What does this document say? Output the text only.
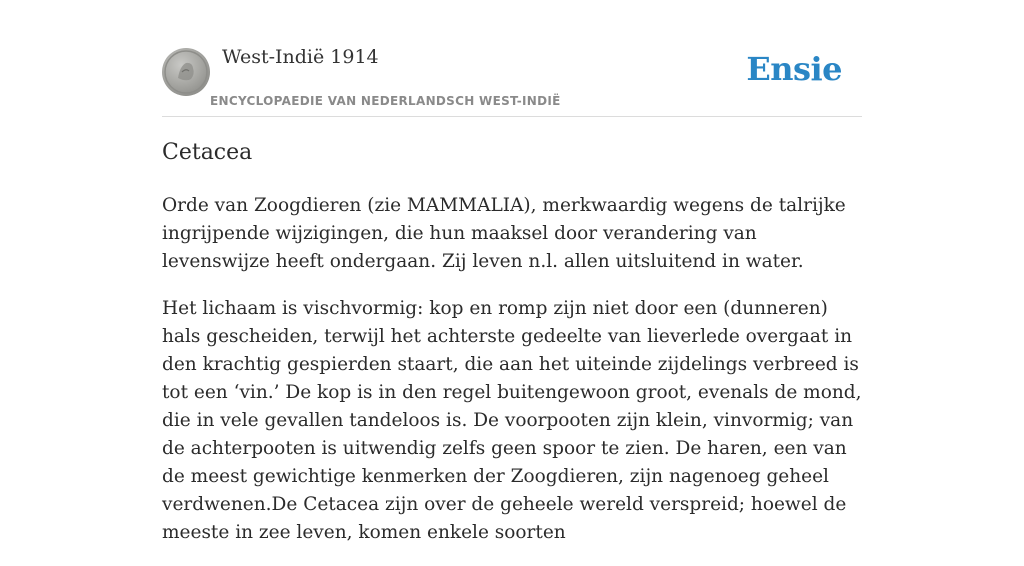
West-Indië 1914
ENCYCLOPAEDIE VAN NEDERLANDSCH WEST-INDIË
Ensie
Cetacea

Orde van Zoogdieren (zie MAMMALIA), merkwaardig wegens de talrijke ingrijpende wijzigingen, die hun maaksel door verandering van levenswijze heeft ondergaan. Zij leven n.l. allen uitsluitend in water.

Het lichaam is vischvormig: kop en romp zijn niet door een (dunneren) hals gescheiden, terwijl het achterste gedeelte van lieverlede overgaat in den krachtig gespierden staart, die aan het uiteinde zijdelings verbreed is tot een ‘vin.’ De kop is in den regel buitengewoon groot, evenals de mond, die in vele gevallen tandeloos is. De voorpooten zijn klein, vinvormig; van de achterpooten is uitwendig zelfs geen spoor te zien. De haren, een van de meest gewichtige kenmerken der Zoogdieren, zijn nagenoeg geheel verdwenen.De Cetacea zijn over de geheele wereld verspreid; hoewel de meeste in zee leven, komen enkele soorten
